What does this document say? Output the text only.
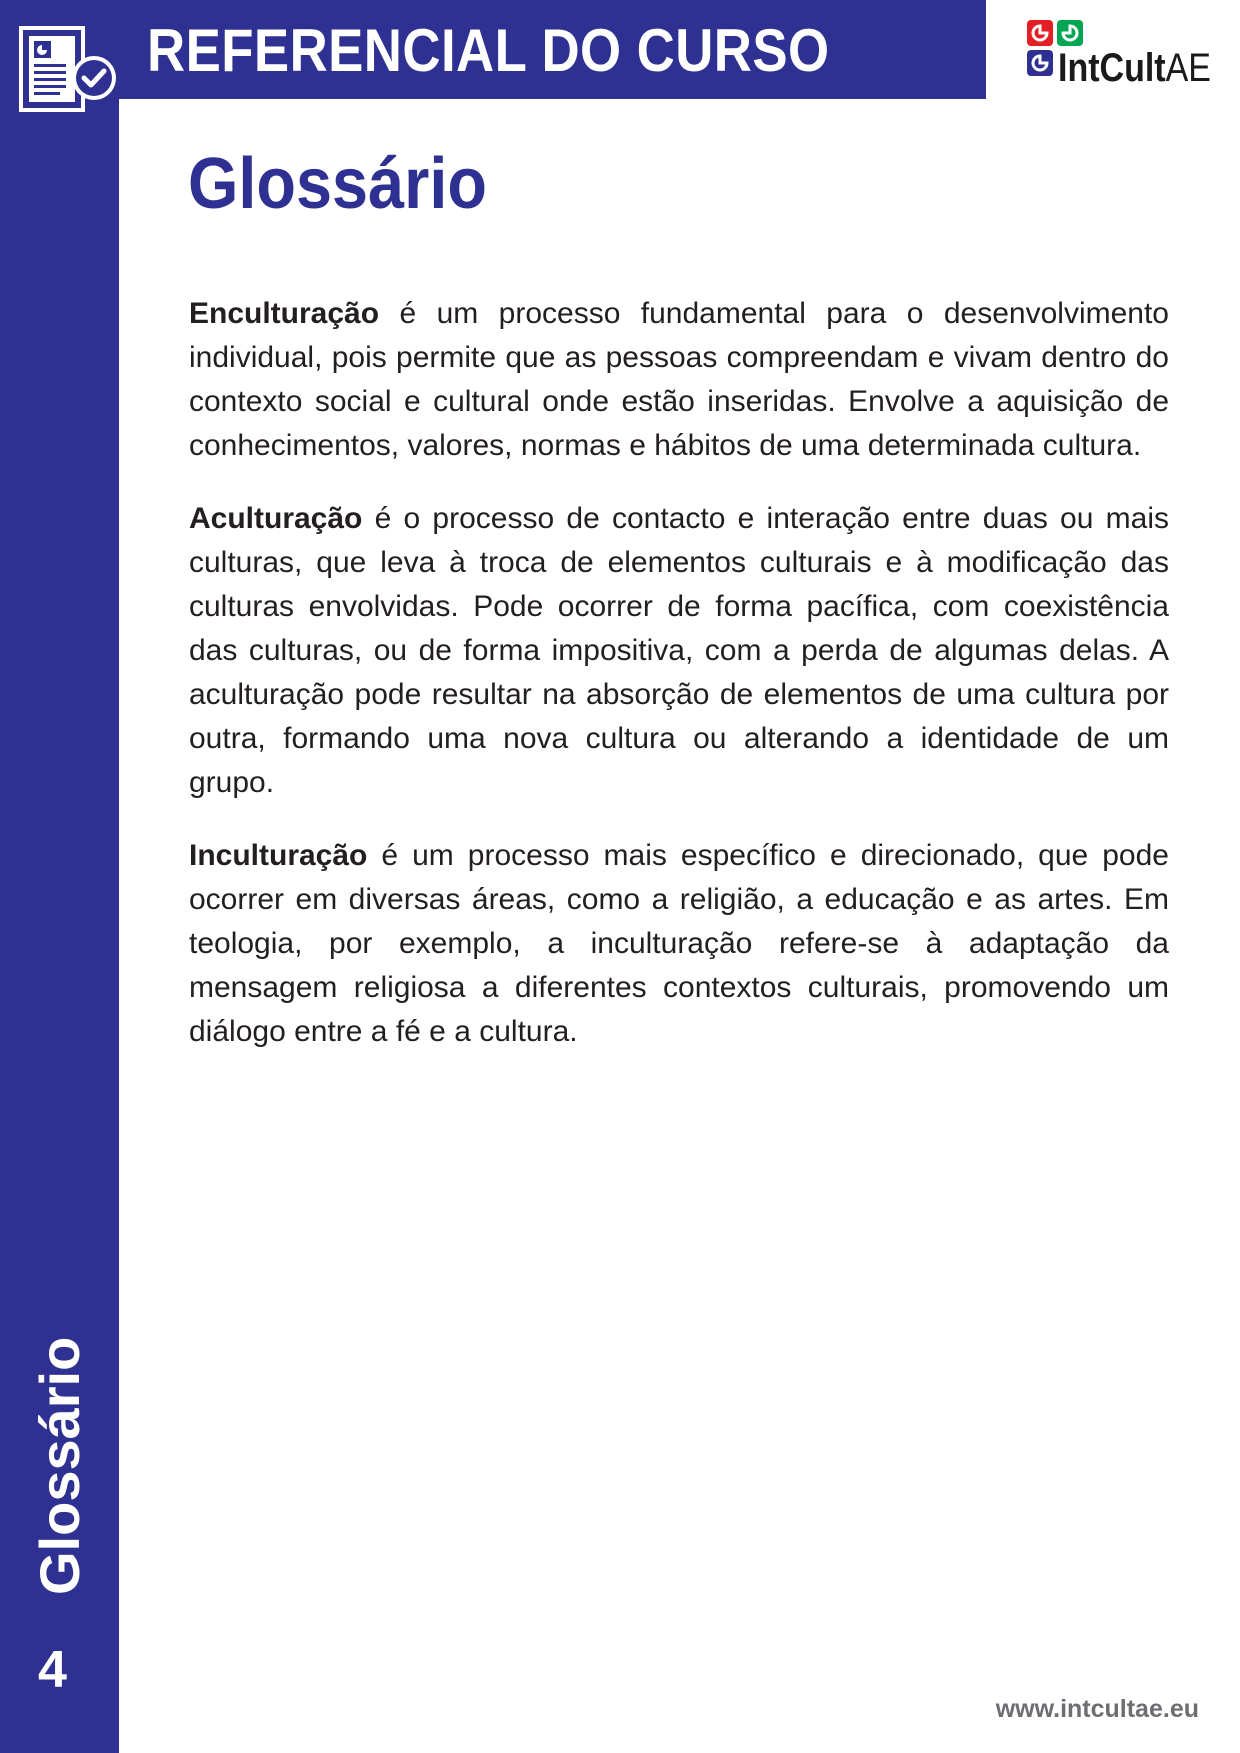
REFERENCIAL DO CURSO	IntCultAE
Glossário

Enculturação é um processo fundamental para o desenvolvimento individual, pois permite que as pessoas compreendam e vivam dentro do contexto social e cultural onde estão inseridas. Envolve a aquisição de conhecimentos, valores, normas e hábitos de uma determinada cultura.

Aculturação é o processo de contacto e interação entre duas ou mais culturas, que leva à troca de elementos culturais e à modificação das culturas envolvidas. Pode ocorrer de forma pacífica, com coexistência das culturas, ou de forma impositiva, com a perda de algumas delas. A aculturação pode resultar na absorção de elementos de uma cultura por outra, formando uma nova cultura ou alterando a identidade de um grupo.

Inculturação é um processo mais específico e direcionado, que pode ocorrer em diversas áreas, como a religião, a educação e as artes. Em teologia, por exemplo, a inculturação refere-se à adaptação da mensagem religiosa a diferentes contextos culturais, promovendo um diálogo entre a fé e a cultura.

Glossário
4
www.intcultae.eu
